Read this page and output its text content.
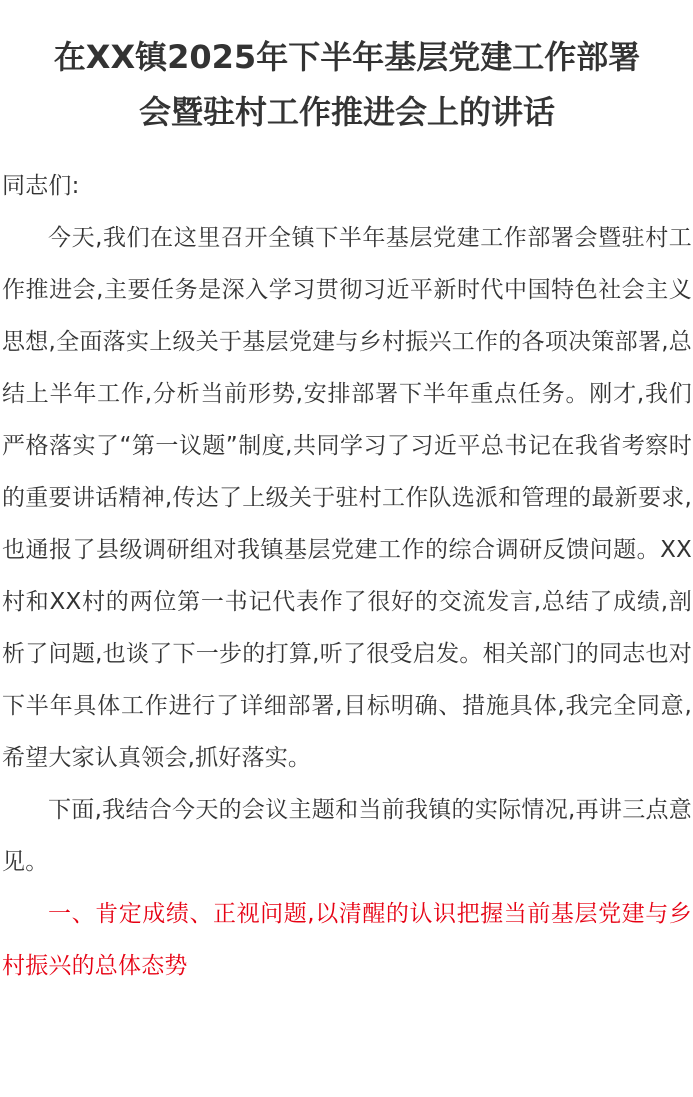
在XX镇2025年下半年基层党建工作部署
会暨驻村工作推进会上的讲话

同志们:

今天,我们在这里召开全镇下半年基层党建工作部署会暨驻村工作推进会,主要任务是深入学习贯彻习近平新时代中国特色社会主义思想,全面落实上级关于基层党建与乡村振兴工作的各项决策部署,总结上半年工作,分析当前形势,安排部署下半年重点任务。刚才,我们严格落实了“第一议题”制度,共同学习了习近平总书记在我省考察时的重要讲话精神,传达了上级关于驻村工作队选派和管理的最新要求,也通报了县级调研组对我镇基层党建工作的综合调研反馈问题。XX村和XX村的两位第一书记代表作了很好的交流发言,总结了成绩,剖析了问题,也谈了下一步的打算,听了很受启发。相关部门的同志也对下半年具体工作进行了详细部署,目标明确、措施具体,我完全同意,希望大家认真领会,抓好落实。

下面,我结合今天的会议主题和当前我镇的实际情况,再讲三点意见。

一、肯定成绩、正视问题,以清醒的认识把握当前基层党建与乡村振兴的总体态势
